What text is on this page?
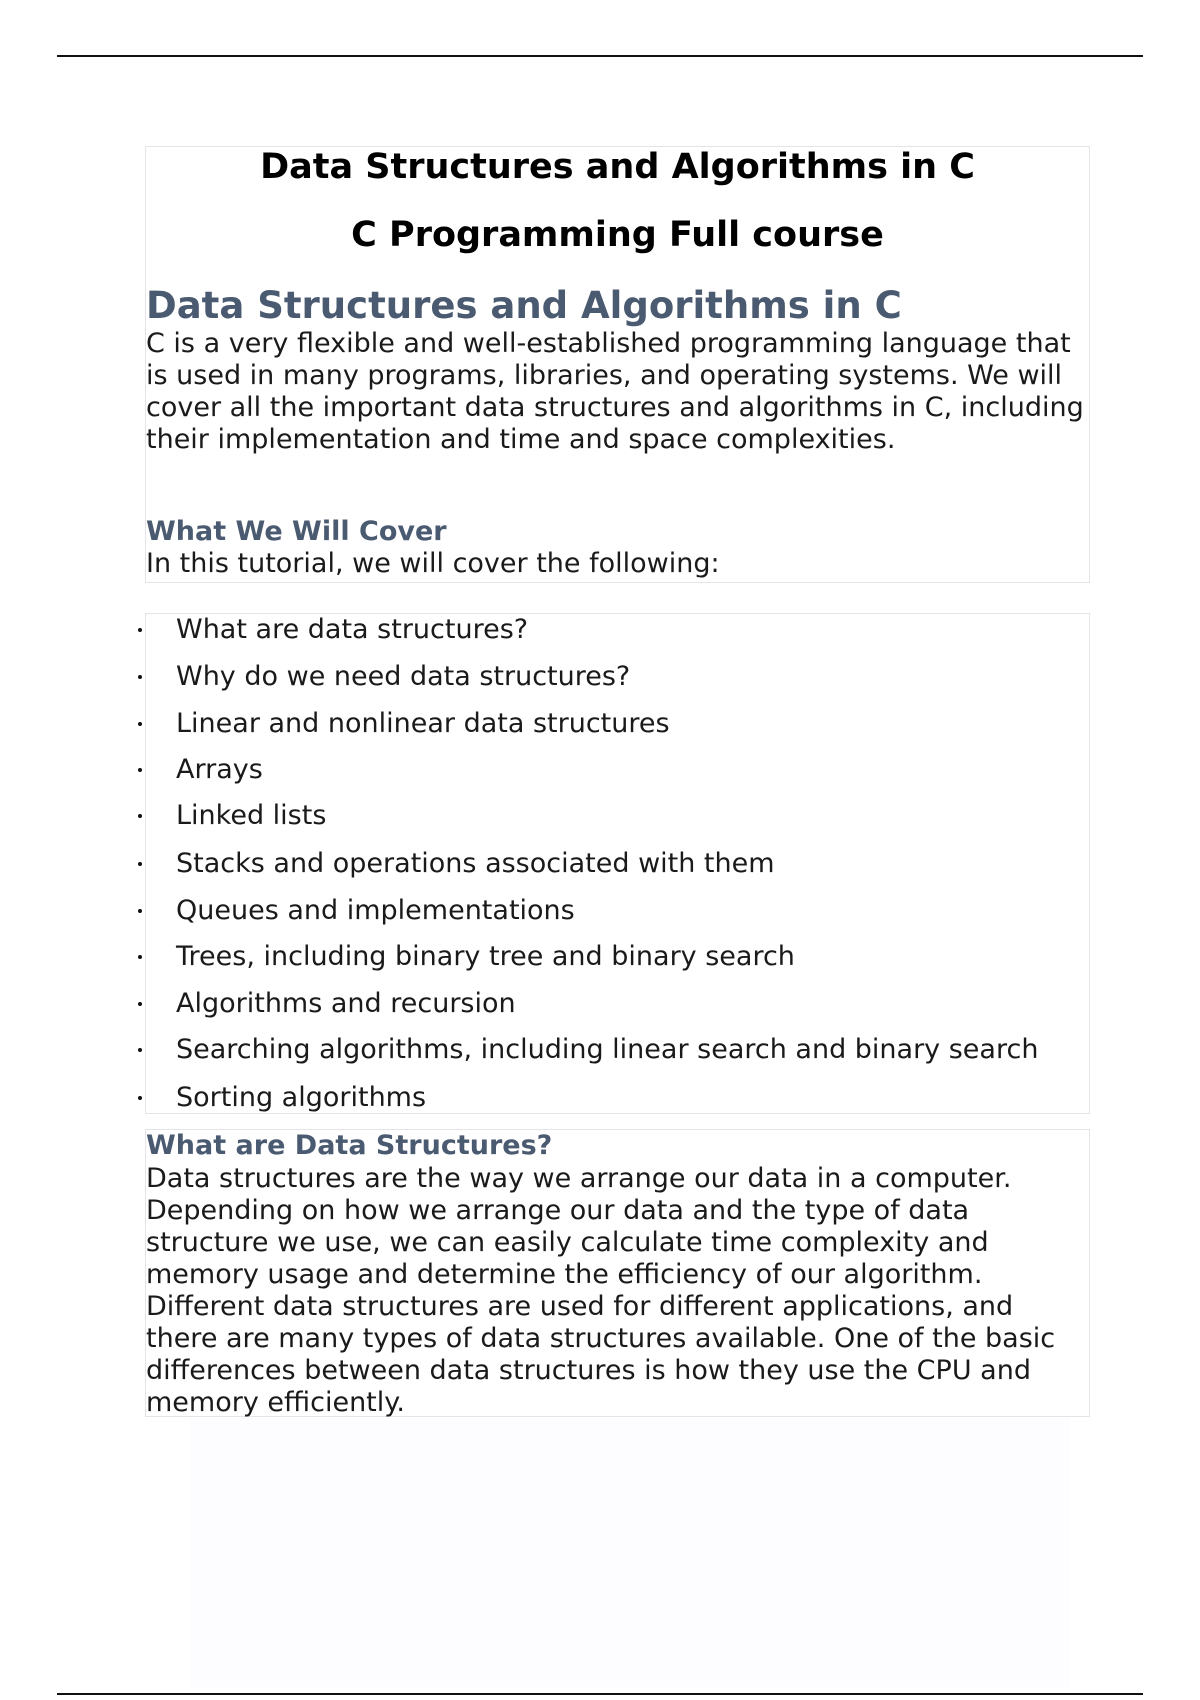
Data Structures and Algorithms in C
C Programming Full course
Data Structures and Algorithms in C
C is a very flexible and well-established programming language that is used in many programs, libraries, and operating systems. We will cover all the important data structures and algorithms in C, including their implementation and time and space complexities.
What We Will Cover
In this tutorial, we will cover the following:
What are data structures?
Why do we need data structures?
Linear and nonlinear data structures
Arrays
Linked lists
Stacks and operations associated with them
Queues and implementations
Trees, including binary tree and binary search
Algorithms and recursion
Searching algorithms, including linear search and binary search
Sorting algorithms
What are Data Structures?
Data structures are the way we arrange our data in a computer. Depending on how we arrange our data and the type of data structure we use, we can easily calculate time complexity and memory usage and determine the efficiency of our algorithm. Different data structures are used for different applications, and there are many types of data structures available. One of the basic differences between data structures is how they use the CPU and memory efficiently.
